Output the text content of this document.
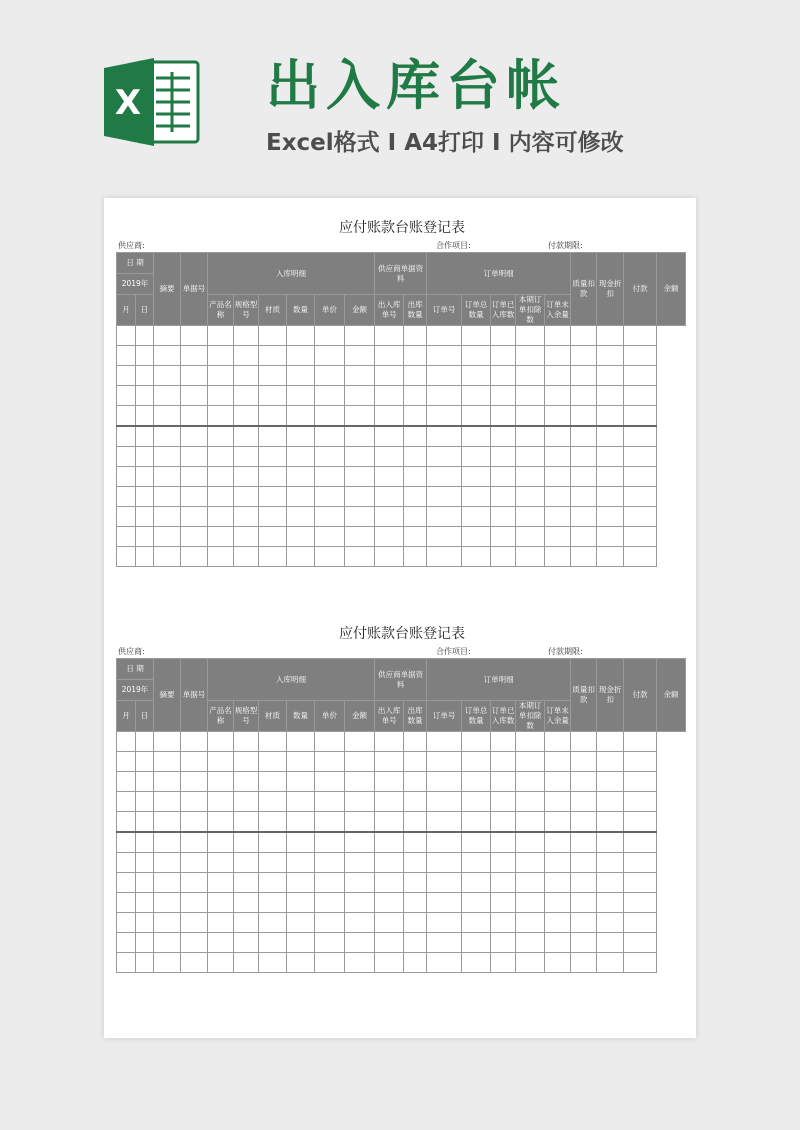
X 出入库台帐
Excel格式 I A4打印 I 内容可修改
应付账款台账登记表
供应商:	合作项目:	付款期限:
日 期		摘要	单据号	入库明细						供应商单据资料		订单明细					质量扣款	现金折扣	付款	余额
2019年																				
月	日			产品名称	规格型号	材质	数量	单价	金额	出入库单号	出库数量	订单号	订单总数量	订单已入库数	本期订单扣除数	订单未入余量				

应付账款台账登记表
供应商:	合作项目:	付款期限:
日 期		摘要	单据号	入库明细						供应商单据资料		订单明细					质量扣款	现金折扣	付款	余额
2019年																				
月	日			产品名称	规格型号	材质	数量	单价	金额	出入库单号	出库数量	订单号	订单总数量	订单已入库数	本期订单扣除数	订单未入余量				
